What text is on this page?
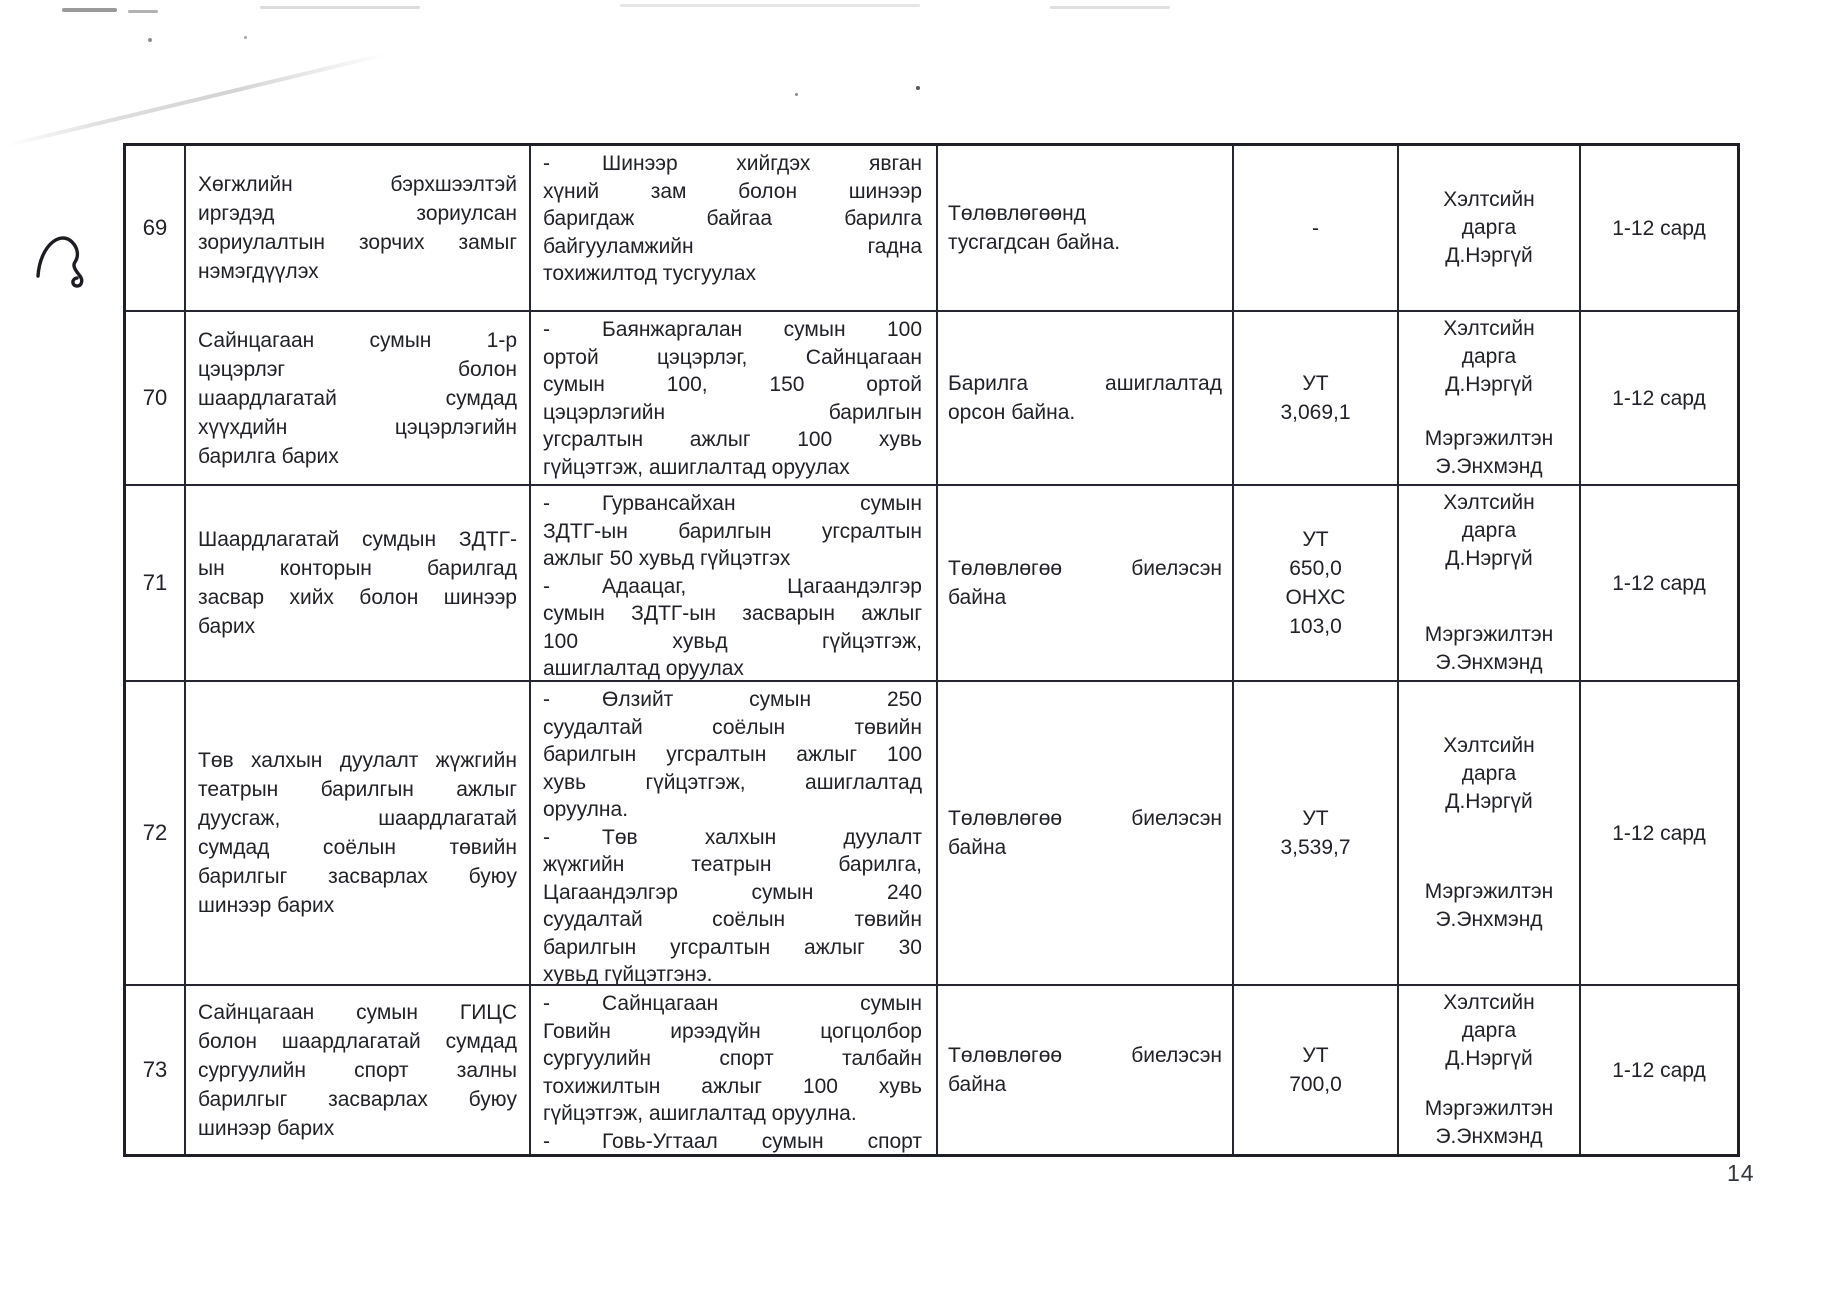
69
Хөгжлийн бэрхшээлтэй
иргэдэд зориулсан
зориулалтын зорчих замыг
нэмэгдүүлэх
- Шинээр хийгдэх явган
хүний зам болон шинээр
баригдаж байгаа барилга
байгууламжийн гадна
тохижилтод тусгуулах
Төлөвлөгөөнд
тусгагдсан байна.
-
Хэлтсийн
дарга
Д.Нэргүй
1-12 сард
70
Сайнцагаан сумын 1-р
цэцэрлэг болон
шаардлагатай сумдад
хүүхдийн цэцэрлэгийн
барилга барих
- Баянжаргалан сумын 100
ортой цэцэрлэг, Сайнцагаан
сумын 100, 150 ортой
цэцэрлэгийн барилгын
угсралтын ажлыг 100 хувь
гүйцэтгэж, ашиглалтад оруулах
Барилга ашиглалтад
орсон байна.
УТ
3,069,1
Хэлтсийн
дарга
Д.Нэргүй
Мэргэжилтэн
Э.Энхмэнд
1-12 сард
71
Шаардлагатай сумдын ЗДТГ-
ын конторын барилгад
засвар хийх болон шинээр
барих
- Гурвансайхан сумын
ЗДТГ-ын барилгын угсралтын
ажлыг 50 хувьд гүйцэтгэх
- Адаацаг, Цагаандэлгэр
сумын ЗДТГ-ын засварын ажлыг
100 хувьд гүйцэтгэж,
ашиглалтад оруулах
Төлөвлөгөө биелэсэн
байна
УТ
650,0
ОНХС
103,0
Хэлтсийн
дарга
Д.Нэргүй
Мэргэжилтэн
Э.Энхмэнд
1-12 сард
72
Төв халхын дуулалт жүжгийн
театрын барилгын ажлыг
дуусгаж, шаардлагатай
сумдад соёлын төвийн
барилгыг засварлах буюу
шинээр барих
- Өлзийт сумын 250
суудалтай соёлын төвийн
барилгын угсралтын ажлыг 100
хувь гүйцэтгэж, ашиглалтад
оруулна.
- Төв халхын дуулалт
жүжгийн театрын барилга,
Цагаандэлгэр сумын 240
суудалтай соёлын төвийн
барилгын угсралтын ажлыг 30
хувьд гүйцэтгэнэ.
Төлөвлөгөө биелэсэн
байна
УТ
3,539,7
Хэлтсийн
дарга
Д.Нэргүй
Мэргэжилтэн
Э.Энхмэнд
1-12 сард
73
Сайнцагаан сумын ГИЦС
болон шаардлагатай сумдад
сургуулийн спорт залны
барилгыг засварлах буюу
шинээр барих
- Сайнцагаан сумын
Говийн ирээдүйн цогцолбор
сургуулийн спорт талбайн
тохижилтын ажлыг 100 хувь
гүйцэтгэж, ашиглалтад оруулна.
- Говь-Угтаал сумын спорт
Төлөвлөгөө биелэсэн
байна
УТ
700,0
Хэлтсийн
дарга
Д.Нэргүй
Мэргэжилтэн
Э.Энхмэнд
1-12 сард
14
